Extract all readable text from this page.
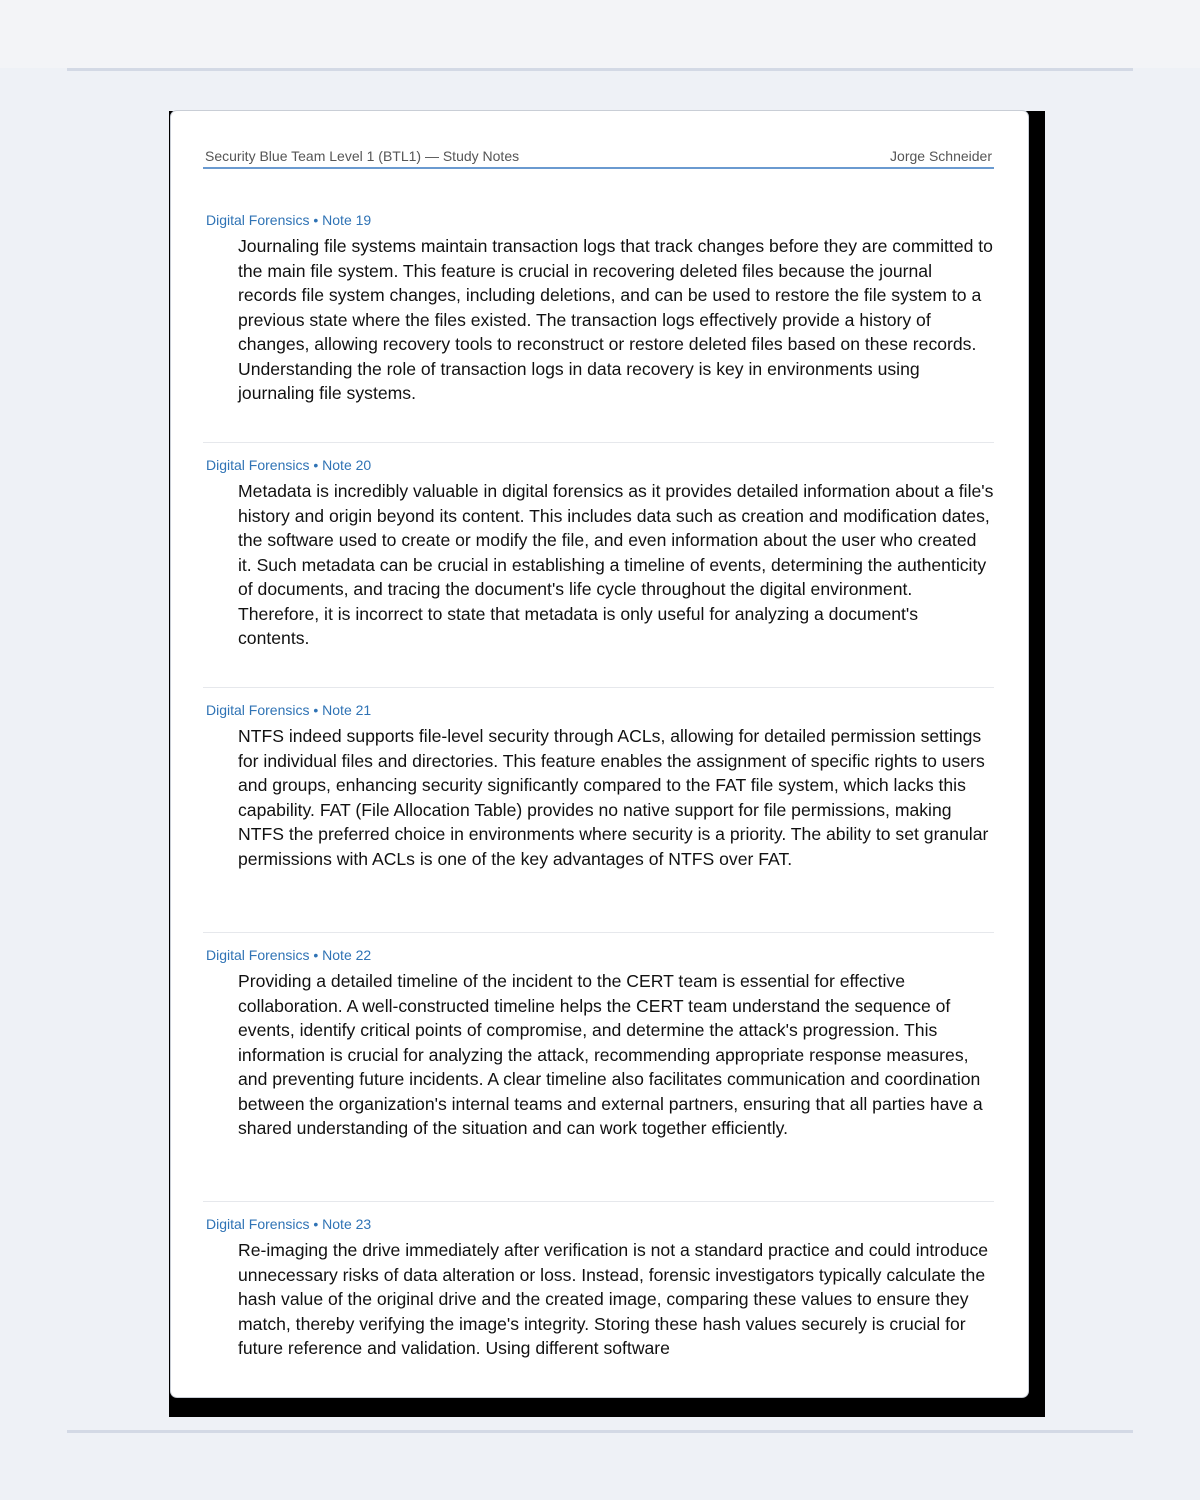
Security Blue Team Level 1 (BTL1) — Study Notes	Jorge Schneider
Digital Forensics • Note 19
Journaling file systems maintain transaction logs that track changes before they are committed to the main file system. This feature is crucial in recovering deleted files because the journal records file system changes, including deletions, and can be used to restore the file system to a previous state where the files existed. The transaction logs effectively provide a history of changes, allowing recovery tools to reconstruct or restore deleted files based on these records. Understanding the role of transaction logs in data recovery is key in environments using journaling file systems.
Digital Forensics • Note 20
Metadata is incredibly valuable in digital forensics as it provides detailed information about a file's history and origin beyond its content. This includes data such as creation and modification dates, the software used to create or modify the file, and even information about the user who created it. Such metadata can be crucial in establishing a timeline of events, determining the authenticity of documents, and tracing the document's life cycle throughout the digital environment. Therefore, it is incorrect to state that metadata is only useful for analyzing a document's contents.
Digital Forensics • Note 21
NTFS indeed supports file-level security through ACLs, allowing for detailed permission settings for individual files and directories. This feature enables the assignment of specific rights to users and groups, enhancing security significantly compared to the FAT file system, which lacks this capability. FAT (File Allocation Table) provides no native support for file permissions, making NTFS the preferred choice in environments where security is a priority. The ability to set granular permissions with ACLs is one of the key advantages of NTFS over FAT.
Digital Forensics • Note 22
Providing a detailed timeline of the incident to the CERT team is essential for effective collaboration. A well-constructed timeline helps the CERT team understand the sequence of events, identify critical points of compromise, and determine the attack's progression. This information is crucial for analyzing the attack, recommending appropriate response measures, and preventing future incidents. A clear timeline also facilitates communication and coordination between the organization's internal teams and external partners, ensuring that all parties have a shared understanding of the situation and can work together efficiently.
Digital Forensics • Note 23
Re-imaging the drive immediately after verification is not a standard practice and could introduce unnecessary risks of data alteration or loss. Instead, forensic investigators typically calculate the hash value of the original drive and the created image, comparing these values to ensure they match, thereby verifying the image's integrity. Storing these hash values securely is crucial for future reference and validation. Using different software
